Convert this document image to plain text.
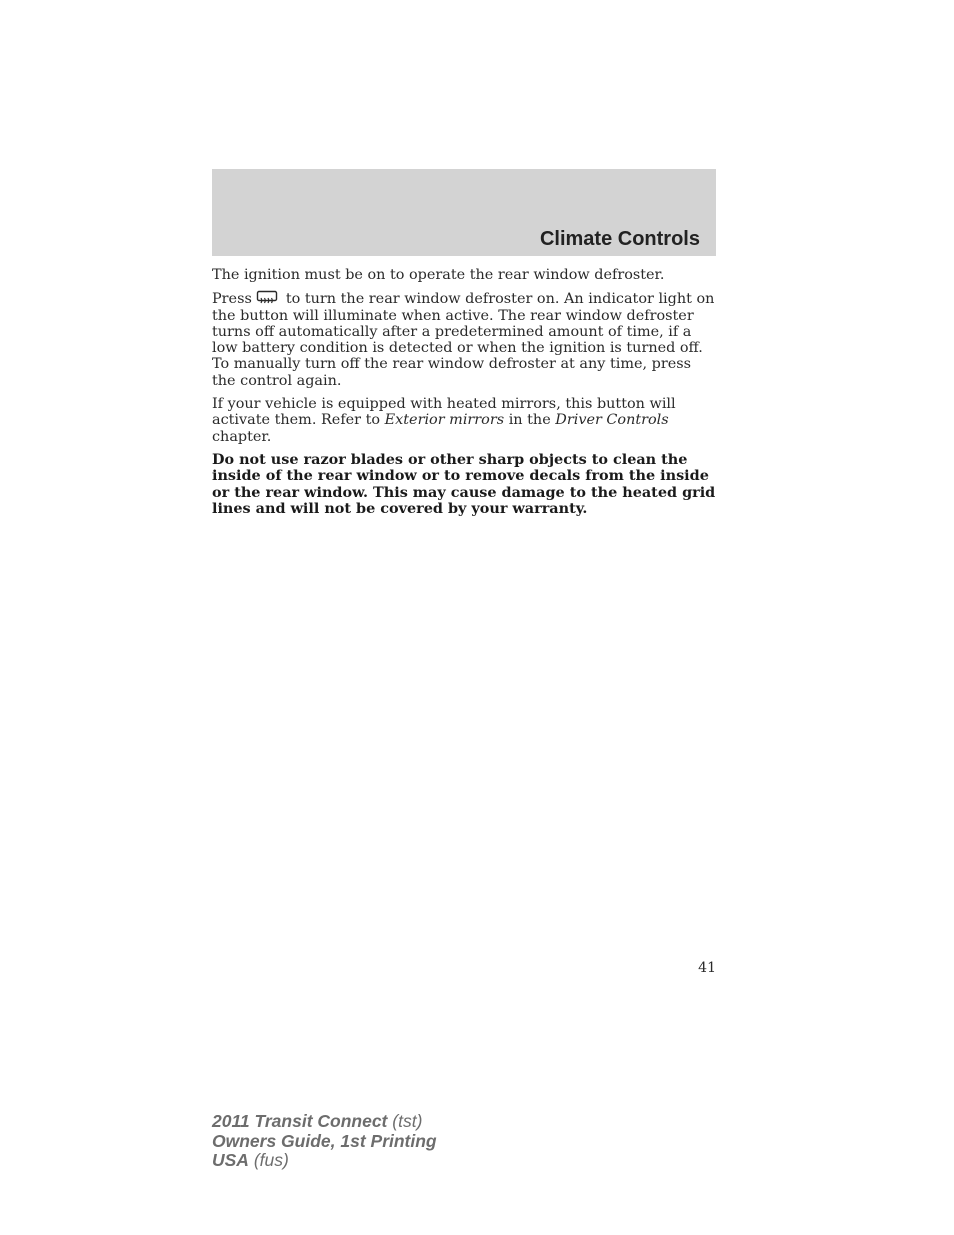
Climate Controls

The ignition must be on to operate the rear window defroster.

Press to turn the rear window defroster on. An indicator light on the button will illuminate when active. The rear window defroster turns off automatically after a predetermined amount of time, if a low battery condition is detected or when the ignition is turned off. To manually turn off the rear window defroster at any time, press the control again.

If your vehicle is equipped with heated mirrors, this button will activate them. Refer to Exterior mirrors in the Driver Controls chapter.

Do not use razor blades or other sharp objects to clean the inside of the rear window or to remove decals from the inside or the rear window. This may cause damage to the heated grid lines and will not be covered by your warranty.

41
2011 Transit Connect (tst)
Owners Guide, 1st Printing
USA (fus)
